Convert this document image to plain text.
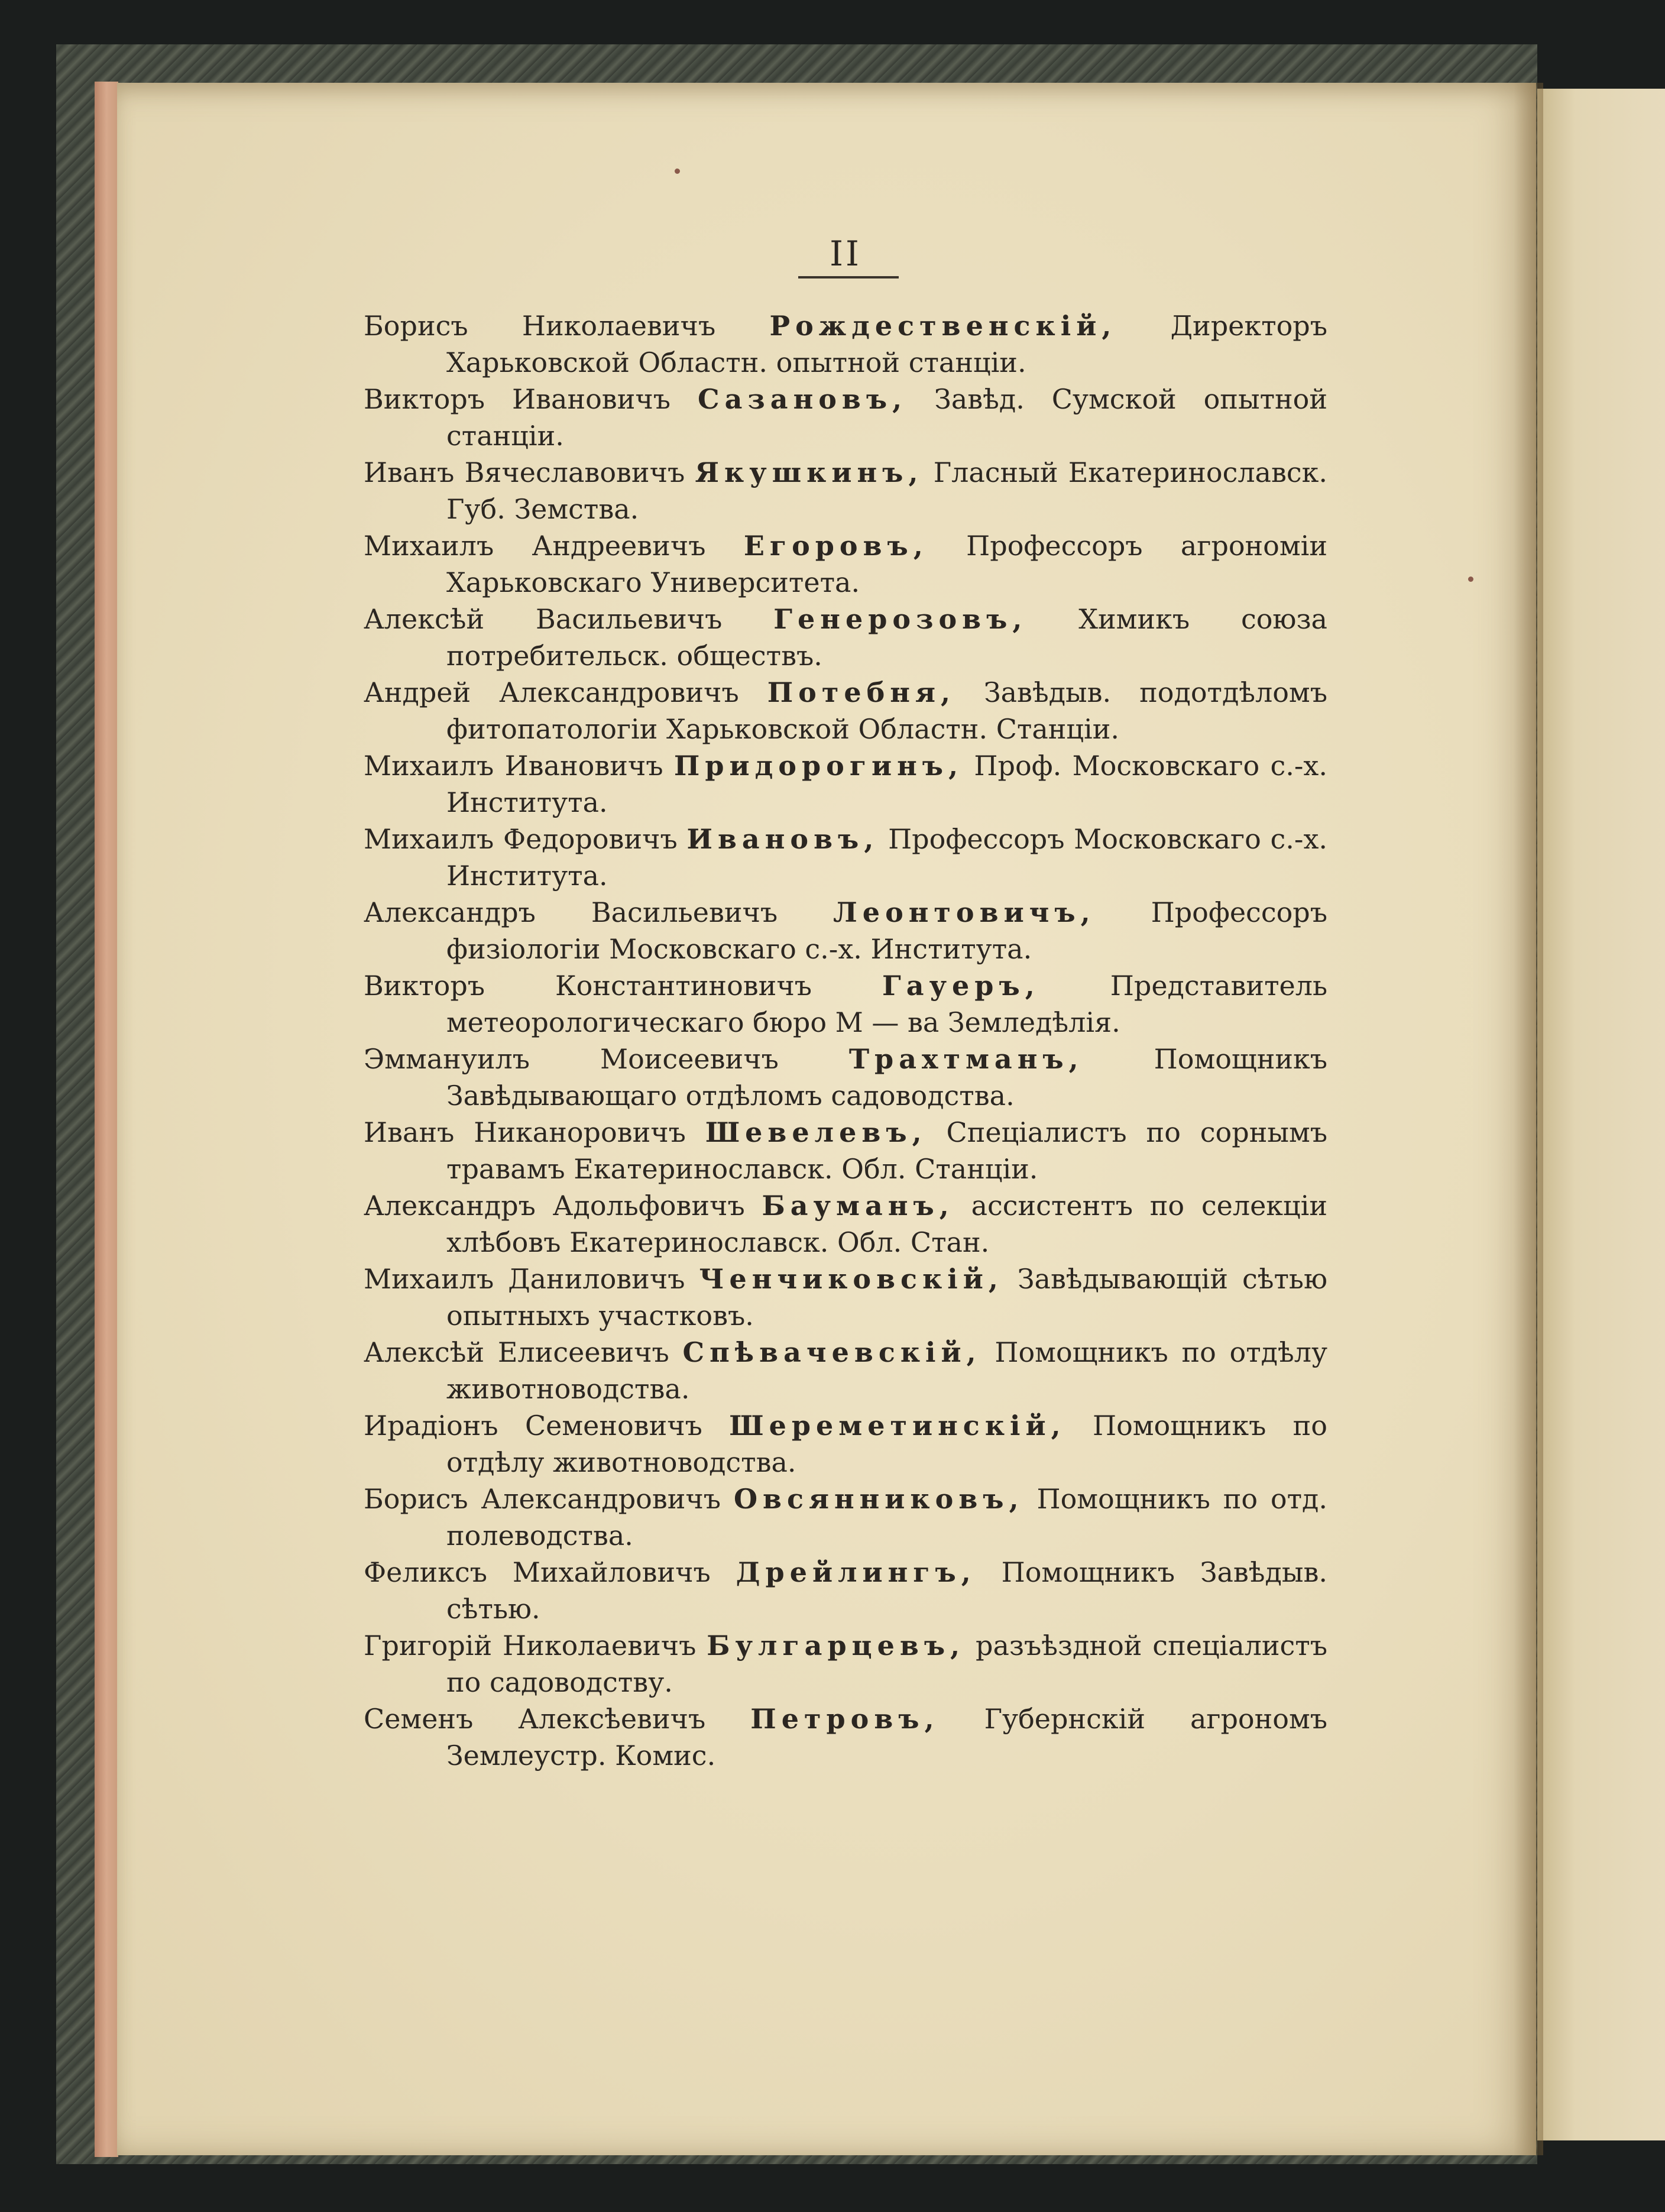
II
Борисъ Николаевичъ Рождественскій, Директоръ Харьковской Областн. опытной станціи.
Викторъ Ивановичъ Сазановъ, Завѣд. Сумской опытной станціи.
Иванъ Вячеславовичъ Якушкинъ, Гласный Екатеринославск. Губ. Земства.
Михаилъ Андреевичъ Егоровъ, Профессоръ агрономіи Харьковскаго Университета.
Алексѣй Васильевичъ Генерозовъ, Химикъ союза потребительск. обществъ.
Андрей Александровичъ Потебня, Завѣдыв. подотдѣломъ фитопатологіи Харьковской Областн. Станціи.
Михаилъ Ивановичъ Придорогинъ, Проф. Московскаго с.-х. Института.
Михаилъ Федоровичъ Ивановъ, Профессоръ Московскаго с.-х. Института.
Александръ Васильевичъ Леонтовичъ, Профессоръ физіологіи Московскаго с.-х. Института.
Викторъ Константиновичъ	Гауеръ,	Представитель метеорологическаго бюро М — ва Земледѣлія.
Эммануилъ Моисеевичъ	Трахтманъ,	Помощникъ Завѣдывающаго отдѣломъ садоводства.
Иванъ Никаноровичъ Шевелевъ, Спеціалистъ по сорнымъ травамъ Екатеринославск. Обл. Станціи.
Александръ Адольфовичъ Бауманъ, ассистентъ по селекціи хлѣбовъ Екатеринославск. Обл. Стан.
Михаилъ Даниловичъ Ченчиковскій, Завѣдывающій сѣтью опытныхъ участковъ.
Алексѣй Елисеевичъ Спѣвачевскій, Помощникъ по отдѣлу животноводства.
Ирадіонъ Семеновичъ Шереметинскій, Помощникъ по отдѣлу животноводства.
Борисъ Александровичъ Овсянниковъ, Помощникъ по отд. полеводства.
Феликсъ Михайловичъ Дрейлингъ, Помощникъ Завѣдыв. сѣтью.
Григорій Николаевичъ Булгарцевъ, разъѣздной спеціалистъ по садоводству.
Семенъ Алексѣевичъ Петровъ, Губернскій агрономъ Землеустр. Комис.
